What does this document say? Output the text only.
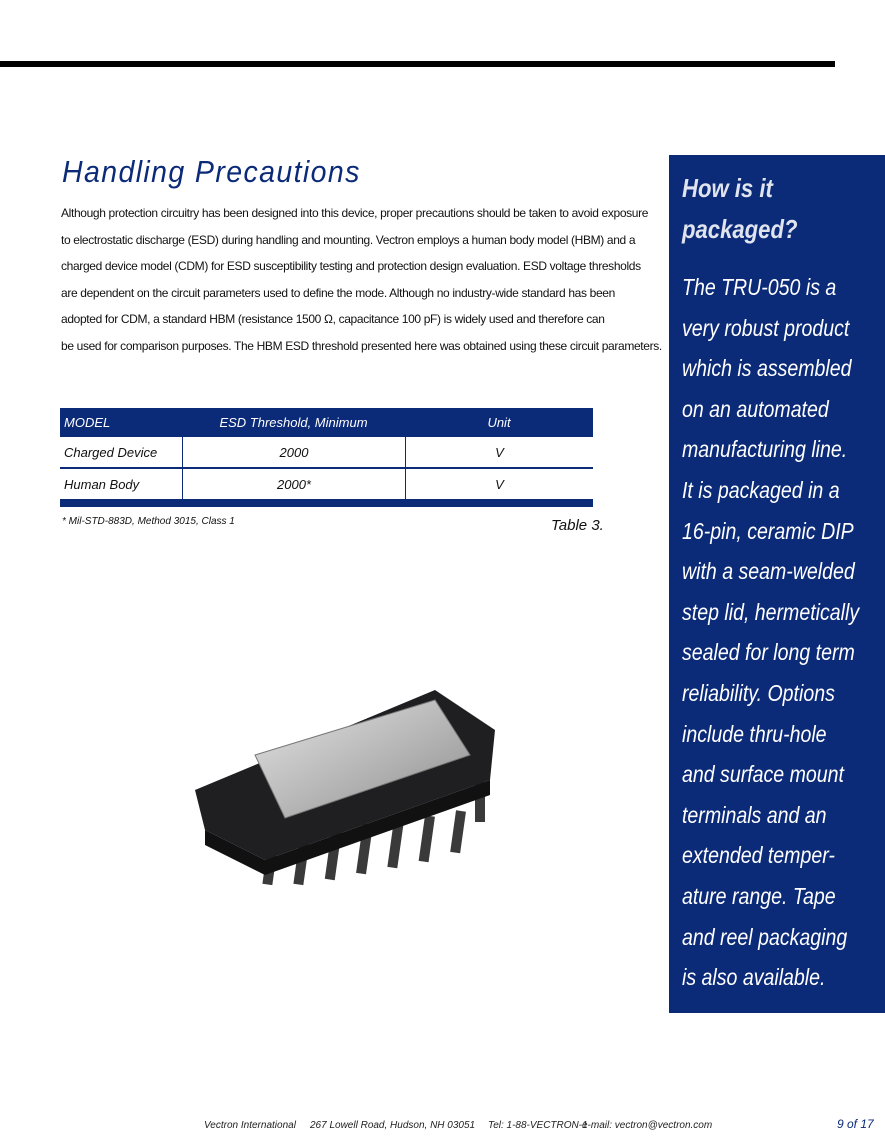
Handling Precautions
Although protection circuitry has been designed into this device, proper precautions should be taken to avoid exposure
to electrostatic discharge (ESD) during handling and mounting. Vectron employs a human body model (HBM) and a
charged device model (CDM) for ESD susceptibility testing and protection design evaluation. ESD voltage thresholds
are dependent on the circuit parameters used to define the mode. Although no industry-wide standard has been
adopted for CDM, a standard HBM (resistance 1500 Ω, capacitance 100 pF) is widely used and therefore can
be used for comparison purposes. The HBM ESD threshold presented here was obtained using these circuit parameters.
MODEL	ESD Threshold, Minimum	Unit
Charged Device	2000	V
Human Body	2000*	V
* Mil-STD-883D, Method 3015, Class 1	Table 3.
How is it
packaged?
The TRU-050 is a
very robust product
which is assembled
on an automated
manufacturing line.
It is packaged in a
16-pin, ceramic DIP
with a seam-welded
step lid, hermetically
sealed for long term
reliability. Options
include thru-hole
and surface mount
terminals and an
extended temper-
ature range. Tape
and reel packaging
is also available.
Vectron International 267 Lowell Road, Hudson, NH 03051 Tel: 1-88-VECTRON-1
e-mail: vectron@vectron.com	9 of 17
